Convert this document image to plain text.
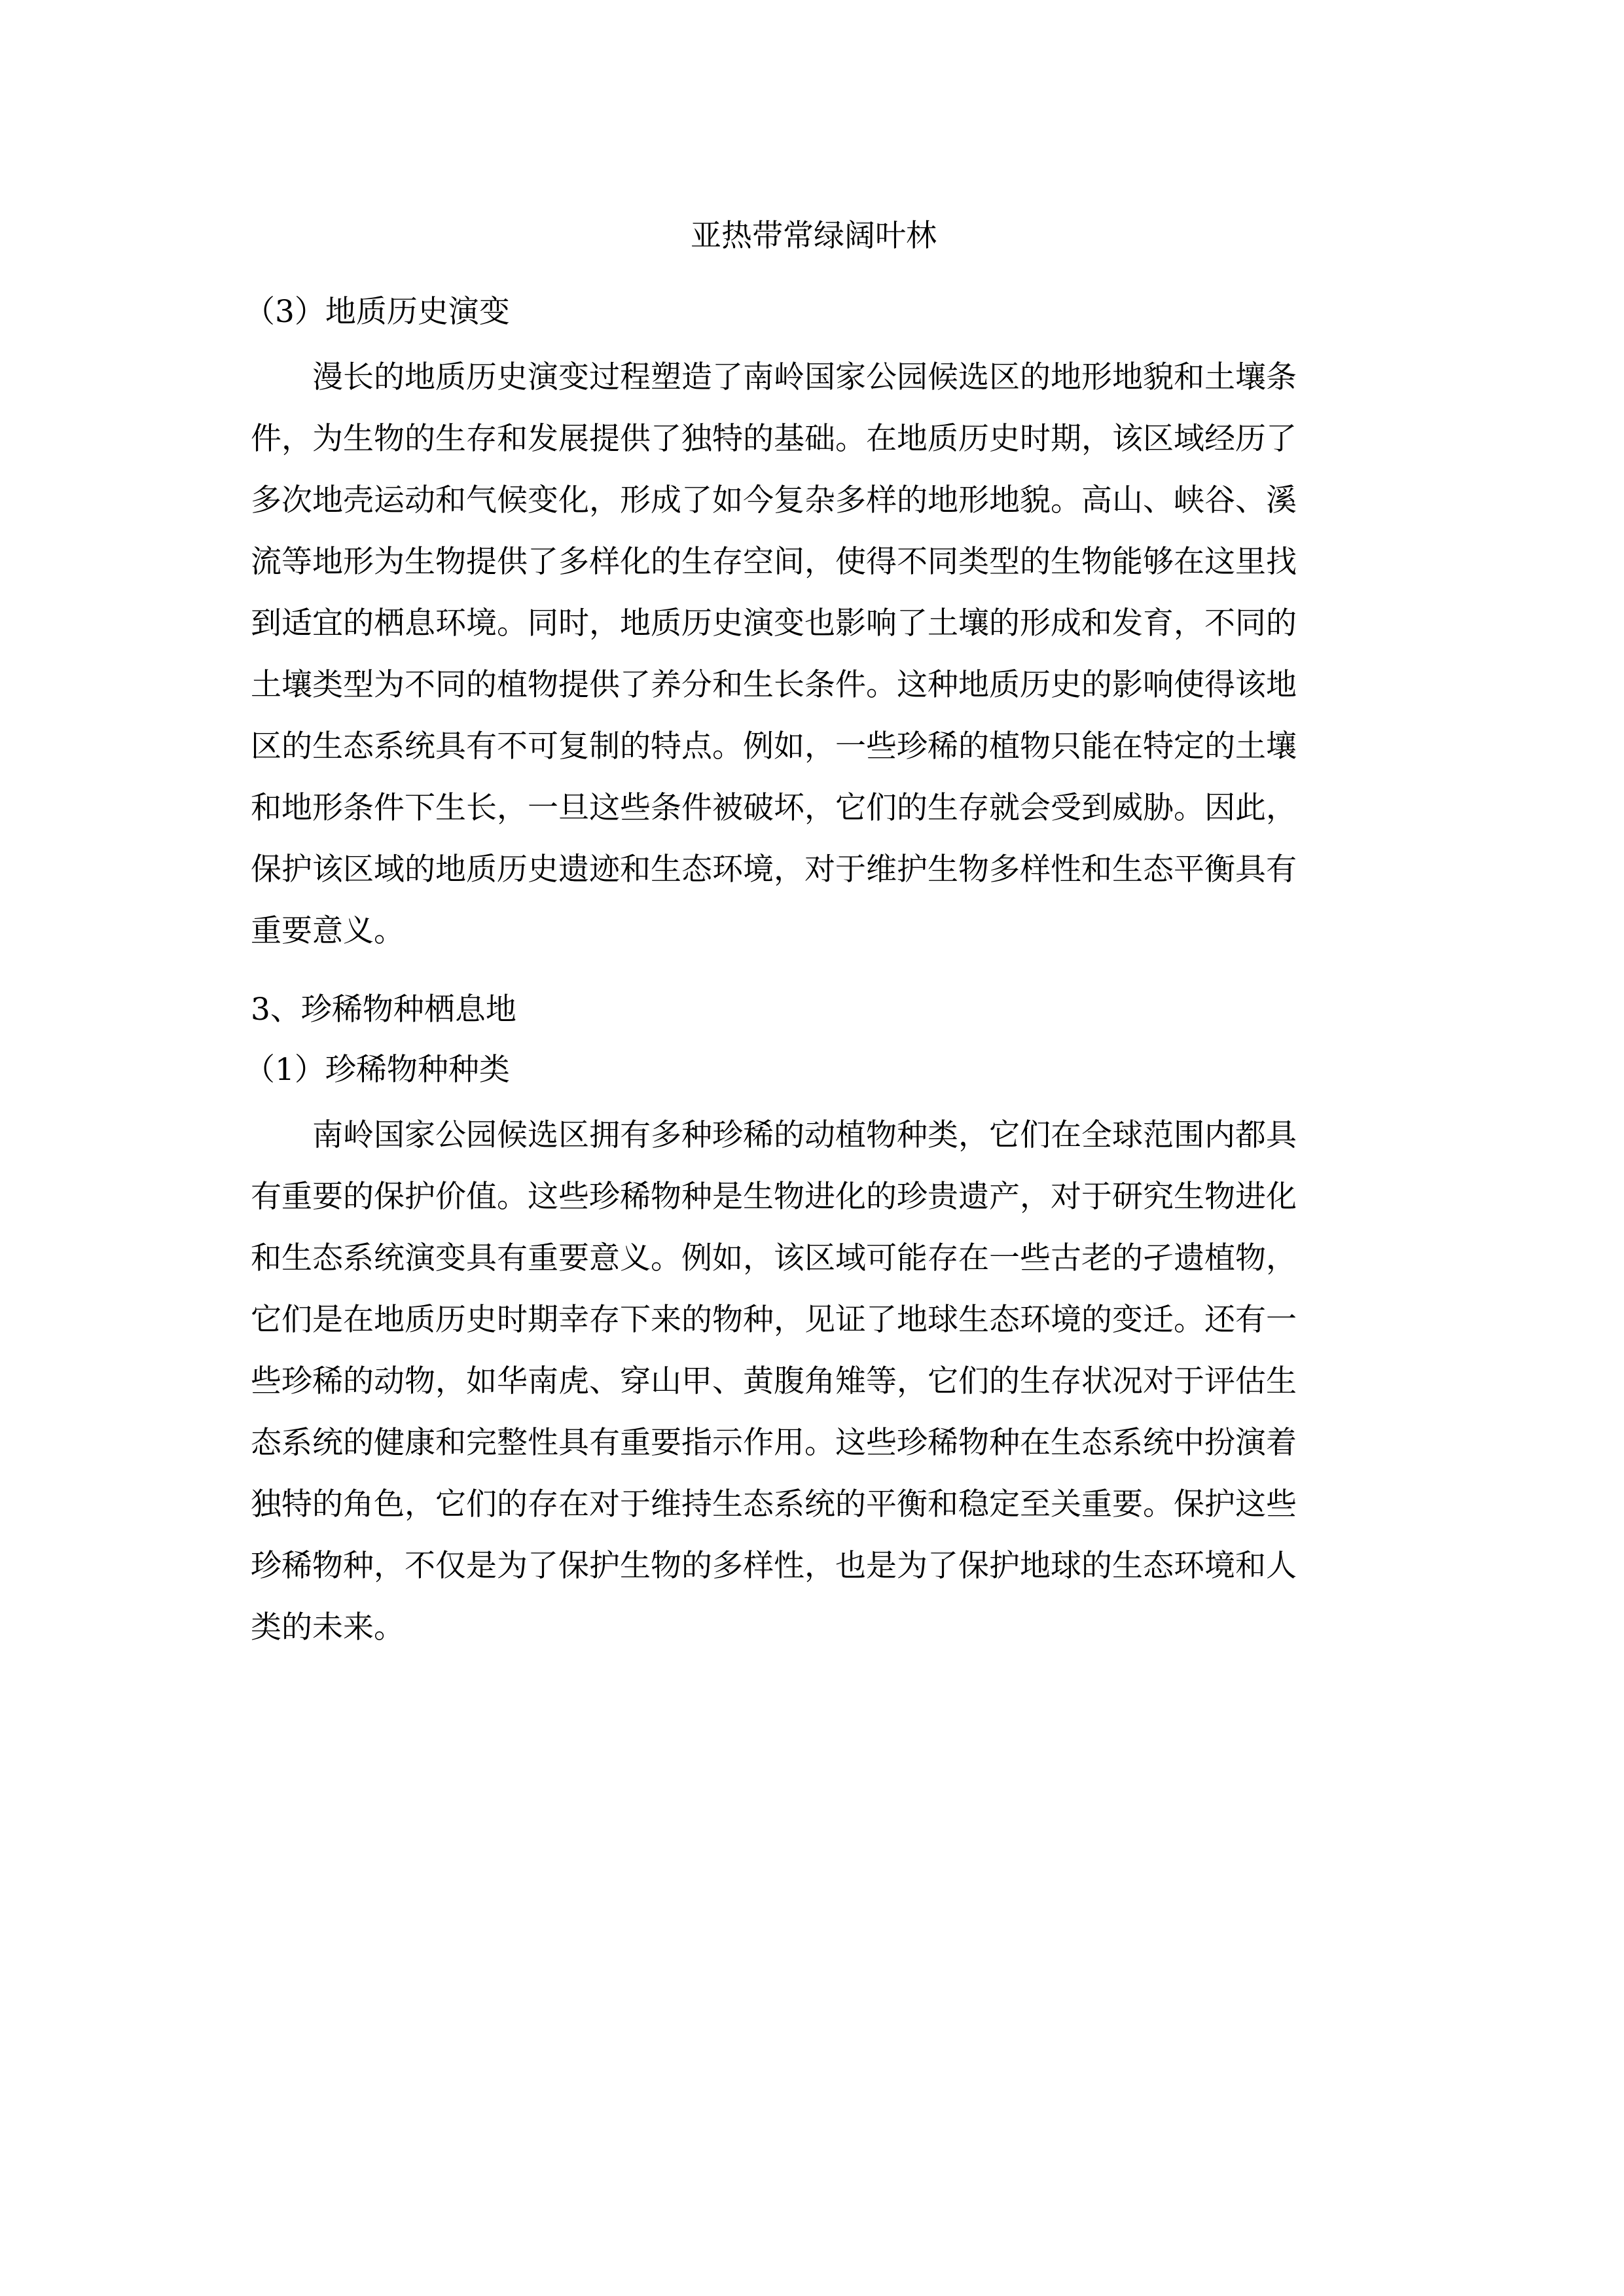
亚热带常绿阔叶林
（3）地质历史演变
　　漫长的地质历史演变过程塑造了南岭国家公园候选区的地形地貌和土壤条
件，为生物的生存和发展提供了独特的基础。在地质历史时期，该区域经历了
多次地壳运动和气候变化，形成了如今复杂多样的地形地貌。高山、峡谷、溪
流等地形为生物提供了多样化的生存空间，使得不同类型的生物能够在这里找
到适宜的栖息环境。同时，地质历史演变也影响了土壤的形成和发育，不同的
土壤类型为不同的植物提供了养分和生长条件。这种地质历史的影响使得该地
区的生态系统具有不可复制的特点。例如，一些珍稀的植物只能在特定的土壤
和地形条件下生长，一旦这些条件被破坏，它们的生存就会受到威胁。因此，
保护该区域的地质历史遗迹和生态环境，对于维护生物多样性和生态平衡具有
重要意义。
3、珍稀物种栖息地
（1）珍稀物种种类
　　南岭国家公园候选区拥有多种珍稀的动植物种类，它们在全球范围内都具
有重要的保护价值。这些珍稀物种是生物进化的珍贵遗产，对于研究生物进化
和生态系统演变具有重要意义。例如，该区域可能存在一些古老的孑遗植物，
它们是在地质历史时期幸存下来的物种，见证了地球生态环境的变迁。还有一
些珍稀的动物，如华南虎、穿山甲、黄腹角雉等，它们的生存状况对于评估生
态系统的健康和完整性具有重要指示作用。这些珍稀物种在生态系统中扮演着
独特的角色，它们的存在对于维持生态系统的平衡和稳定至关重要。保护这些
珍稀物种，不仅是为了保护生物的多样性，也是为了保护地球的生态环境和人
类的未来。
